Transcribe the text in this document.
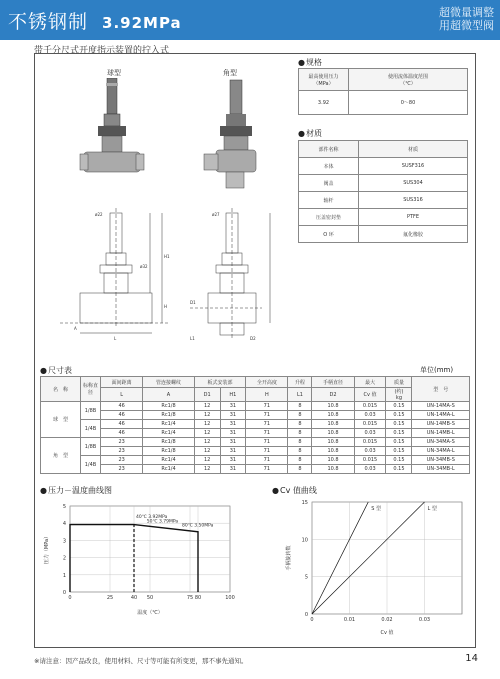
不锈钢制 3.92MPa
超微量调整
用超微型阀
带千分尺式开度指示装置的拧入式
球型	角型
ø22
ø32
H1
H
L
A
ø27
D1
D2
L1
● 规格
最高使用压力
（MPa）	使用流体温度范围
（℃）
3.92	0～80
● 材质
部件名称	材质
本体	SUSF316
阀盖	SUS304
轴杆	SUS316
压盖密封垫	PTFE
O 环	氟化橡胶
● 尺寸表	单位(mm)
名　称	标称直径	面间距离	管连接螺纹	板式安装部		全开高度	升程	手柄直径	最大	质量	型　号
		L	A	D1	H1	H	L1	D2	Cv 值	(约)
kg	
球　型	1/8B	46	Rc1/8	12	31	71	8	10.8	0.015	0.15	UN-14MA-S
		46	Rc1/8	12	31	71	8	10.8	0.03	0.15	UN-14MA-L
	1/4B	46	Rc1/4	12	31	71	8	10.8	0.015	0.15	UN-14MB-S
		46	Rc1/4	12	31	71	8	10.8	0.03	0.15	UN-14MB-L
角　型	1/8B	23	Rc1/8	12	31	71	8	10.8	0.015	0.15	UN-34MA-S
		23	Rc1/8	12	31	71	8	10.8	0.03	0.15	UN-34MA-L
	1/4B	23	Rc1/4	12	31	71	8	10.8	0.015	0.15	UN-34MB-S
		23	Rc1/4	12	31	71	8	10.8	0.03	0.15	UN-34MB-L
● 压力－温度曲线图
0	25	40 50	75 80	100
0
1
2
3
4
5
40℃ 3.92MPa
50℃ 3.79MPa
80℃ 3.50MPa
压力（MPa）
温度（℃）
● Cv 值曲线
0	0.01	0.02	0.03
0
5
10
15
S 型	L 型
手柄旋转数
Cv 值
※请注意：因产品改良，使用材料、尺寸等可能有所变更，那不事先通知。	14
